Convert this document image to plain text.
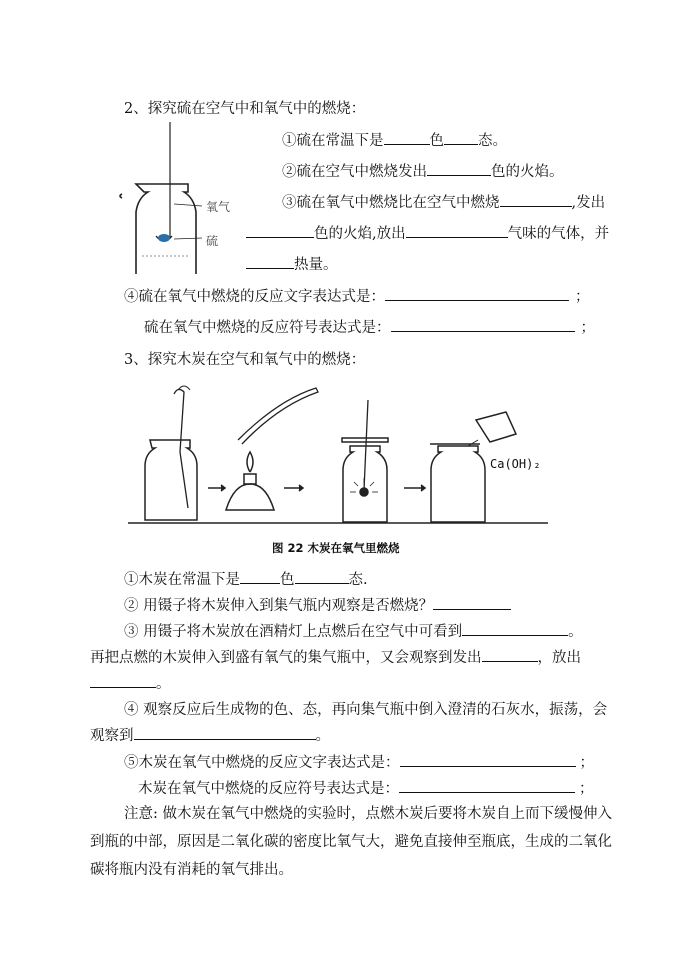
2、探究硫在空气中和氧气中的燃烧：
氧气
硫
①硫在常温下是	色 态。
②硫在空气中燃烧发出	色的火焰。
③硫在氧气中燃烧比在空气中燃烧	,发出
色的火焰,放出	气味的气体，并
热量。
④硫在氧气中燃烧的反应文字表达式是：	；
硫在氧气中燃烧的反应符号表达式是：	；
3、探究木炭在空气和氧气中的燃烧：
Ca(OH)₂
图 22 木炭在氧气里燃烧
①木炭在常温下是	色	态.
② 用镊子将木炭伸入到集气瓶内观察是否燃烧？
③ 用镊子将木炭放在酒精灯上点燃后在空气中可看到	。
再把点燃的木炭伸入到盛有氧气的集气瓶中，又会观察到发出	，放出
。
④ 观察反应后生成物的色、态，再向集气瓶中倒入澄清的石灰水，振荡，会
观察到	。
⑤木炭在氧气中燃烧的反应文字表达式是：	；
木炭在氧气中燃烧的反应符号表达式是：	；
注意: 做木炭在氧气中燃烧的实验时，点燃木炭后要将木炭自上而下缓慢伸入
到瓶的中部，原因是二氧化碳的密度比氧气大，避免直接伸至瓶底，生成的二氧化
碳将瓶内没有消耗的氧气排出。
